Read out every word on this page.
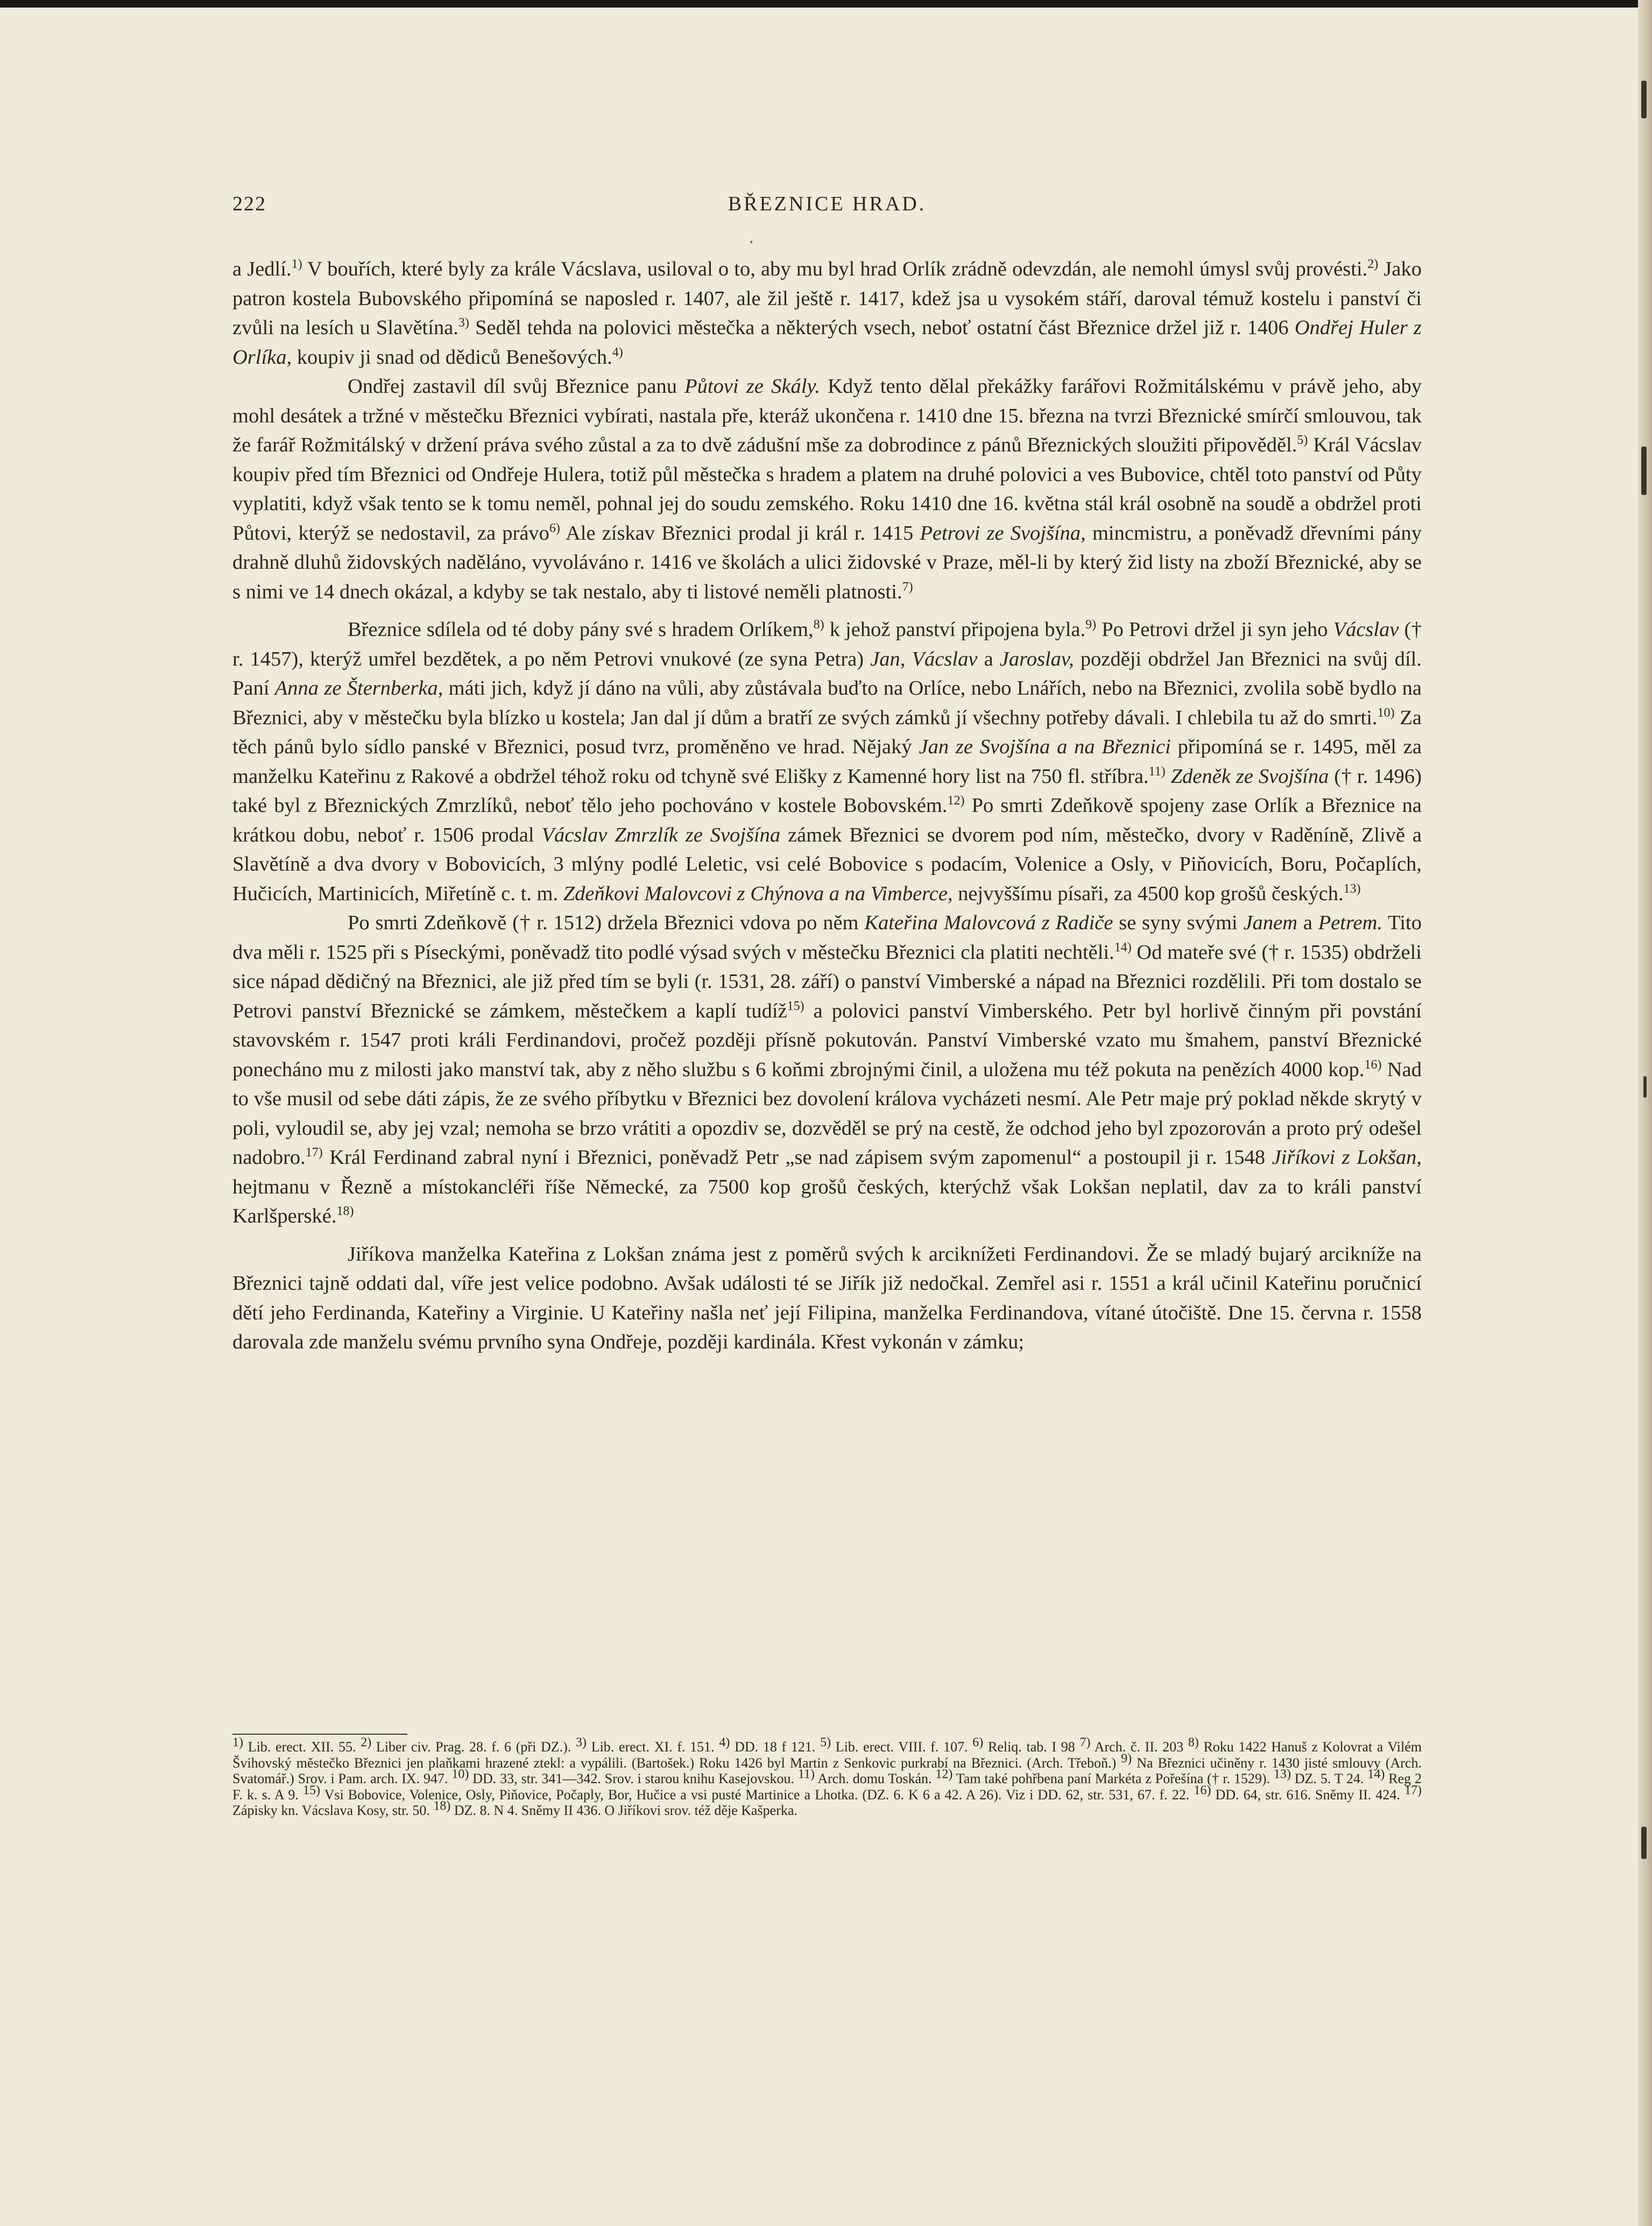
222	BŘEZNICE HRAD.
•

a Jedlí.$^{1)}$ V bouřích, které byly za krále Vácslava, usiloval o to, aby mu byl hrad Orlík zrádně odevzdán, ale nemohl úmysl svůj provésti.$^{2)}$ Jako patron kostela Bubovského připomíná se naposled r. 1407, ale žil ještě r. 1417, kdež jsa u vysokém stáří, daroval témuž kostelu i panství či zvůli na lesích u Slavětína.$^{3)}$ Seděl tehda na polovici městečka a některých vsech, neboť ostatní část Březnice držel již r. 1406 Ondřej Huler z Orlíka, koupiv ji snad od dědiců Benešových.$^{4)}$

Ondřej zastavil díl svůj Březnice panu Půtovi ze Skály. Když tento dělal překážky farářovi Rožmitálskému v právě jeho, aby mohl desátek a tržné v městečku Březnici vybírati, nastala pře, kteráž ukončena r. 1410 dne 15. března na tvrzi Březnické smírčí smlouvou, tak že farář Rožmitálský v držení práva svého zůstal a za to dvě zádušní mše za dobrodince z pánů Březnických sloužiti připověděl.$^{5)}$ Král Vácslav koupiv před tím Březnici od Ondřeje Hulera, totiž půl městečka s hradem a platem na druhé polovici a ves Bubovice, chtěl toto panství od Půty vyplatiti, když však tento se k tomu neměl, pohnal jej do soudu zemského. Roku 1410 dne 16. května stál král osobně na soudě a obdržel proti Půtovi, kterýž se nedostavil, za právo$^{6)}$ Ale získav Březnici prodal ji král r. 1415 Petrovi ze Svojšína, mincmistru, a poněvadž dřevními pány drahně dluhů židovských naděláno, vyvoláváno r. 1416 ve školách a ulici židovské v Praze, měl-li by který žid listy na zboží Březnické, aby se s nimi ve 14 dnech okázal, a kdyby se tak nestalo, aby ti listové neměli platnosti.$^{7)}$

Březnice sdílela od té doby pány své s hradem Orlíkem,$^{8)}$ k jehož panství připojena byla.$^{9)}$ Po Petrovi držel ji syn jeho Vácslav († r. 1457), kterýž umřel bezdětek, a po něm Petrovi vnukové (ze syna Petra) Jan, Vácslav a Jaroslav, později obdržel Jan Březnici na svůj díl. Paní Anna ze Šternberka, máti jich, když jí dáno na vůli, aby zůstávala buďto na Orlíce, nebo Lnářích, nebo na Březnici, zvolila sobě bydlo na Březnici, aby v městečku byla blízko u kostela; Jan dal jí dům a bratří ze svých zámků jí všechny potřeby dávali. I chlebila tu až do smrti.$^{10)}$ Za těch pánů bylo sídlo panské v Březnici, posud tvrz, proměněno ve hrad. Nějaký Jan ze Svojšína a na Březnici připomíná se r. 1495, měl za manželku Kateřinu z Rakové a obdržel téhož roku od tchyně své Elišky z Kamenné hory list na 750 fl. stříbra.$^{11)}$ Zdeněk ze Svojšína († r. 1496) také byl z Březnických Zmrzlíků, neboť tělo jeho pochováno v kostele Bobovském.$^{12)}$ Po smrti Zdeňkově spojeny zase Orlík a Březnice na krátkou dobu, neboť r. 1506 prodal Vácslav Zmrzlík ze Svojšína zámek Březnici se dvorem pod ním, městečko, dvory v Raděníně, Zlivě a Slavětíně a dva dvory v Bobovicích, 3 mlýny podlé Leletic, vsi celé Bobovice s podacím, Volenice a Osly, v Piňovicích, Boru, Počaplích, Hučicích, Martinicích, Miřetíně c. t. m. Zdeňkovi Malovcovi z Chýnova a na Vimberce, nejvyššímu písaři, za 4500 kop grošů českých.$^{13)}$

Po smrti Zdeňkově († r. 1512) držela Březnici vdova po něm Kateřina Malovcová z Radiče se syny svými Janem a Petrem. Tito dva měli r. 1525 při s Píseckými, poněvadž tito podlé výsad svých v městečku Březnici cla platiti nechtěli.$^{14)}$ Od mateře své († r. 1535) obdrželi sice nápad dědičný na Březnici, ale již před tím se byli (r. 1531, 28. září) o panství Vimberské a nápad na Březnici rozdělili. Při tom dostalo se Petrovi panství Březnické se zámkem, městečkem a kaplí tudíž$^{15)}$ a polovici panství Vimberského. Petr byl horlivě činným při povstání stavovském r. 1547 proti králi Ferdinandovi, pročež později přísně pokutován. Panství Vimberské vzato mu šmahem, panství Březnické ponecháno mu z milosti jako manství tak, aby z něho službu s 6 koňmi zbrojnými činil, a uložena mu též pokuta na penězích 4000 kop.$^{16)}$ Nad to vše musil od sebe dáti zápis, že ze svého příbytku v Březnici bez dovolení králova vycházeti nesmí. Ale Petr maje prý poklad někde skrytý v poli, vyloudil se, aby jej vzal; nemoha se brzo vrátiti a opozdiv se, dozvěděl se prý na cestě, že odchod jeho byl zpozorován a proto prý odešel nadobro.$^{17)}$ Král Ferdinand zabral nyní i Březnici, poněvadž Petr „se nad zápisem svým zapomenul“ a postoupil ji r. 1548 Jiříkovi z Lokšan, hejtmanu v Řezně a místokancléři říše Německé, za 7500 kop grošů českých, kterýchž však Lokšan neplatil, dav za to králi panství Karlšperské.$^{18)}$

Jiříkova manželka Kateřina z Lokšan známa jest z poměrů svých k arciknížeti Ferdinandovi. Že se mladý bujarý arcikníže na Březnici tajně oddati dal, víře jest velice podobno. Avšak události té se Jiřík již nedočkal. Zemřel asi r. 1551 a král učinil Kateřinu poručnicí dětí jeho Ferdinanda, Kateřiny a Virginie. U Kateřiny našla neť její Filipina, manželka Ferdinandova, vítané útočiště. Dne 15. června r. 1558 darovala zde manželu svému prvního syna Ondřeje, později kardinála. Křest vykonán v zámku;

$^{1)}$ Lib. erect. XII. 55. $^{2)}$ Liber civ. Prag. 28. f. 6 (při DZ.). $^{3)}$ Lib. erect. XI. f. 151. $^{4)}$ DD. 18 f 121. $^{5)}$ Lib. erect. VIII. f. 107. $^{6)}$ Reliq. tab. I 98 $^{7)}$ Arch. č. II. 203 $^{8)}$ Roku 1422 Hanuš z Kolovrat a Vilém Švihovský městečko Březnici jen plaňkami hrazené ztekl: a vypálili. (Bartošek.) Roku 1426 byl Martin z Senkovic purkrabí na Březnici. (Arch. Třeboň.) $^{9)}$ Na Březnici učiněny r. 1430 jisté smlouvy (Arch. Svatomář.) Srov. i Pam. arch. IX. 947. $^{10)}$ DD. 33, str. 341—342. Srov. i starou knihu Kasejovskou. $^{11)}$ Arch. domu Toskán. $^{12)}$ Tam také pohřbena paní Markéta z Pořešína († r. 1529). $^{13)}$ DZ. 5. T 24. $^{14)}$ Reg 2 F. k. s. A 9. $^{15)}$ Vsi Bobovice, Volenice, Osly, Piňovice, Počaply, Bor, Hučice a vsi pusté Martinice a Lhotka. (DZ. 6. K 6 a 42. A 26). Viz i DD. 62, str. 531, 67. f. 22. $^{16)}$ DD. 64, str. 616. Sněmy II. 424. $^{17)}$ Zápisky kn. Vácslava Kosy, str. 50. $^{18)}$ DZ. 8. N 4. Sněmy II 436. O Jiříkovi srov. též děje Kašperka.
